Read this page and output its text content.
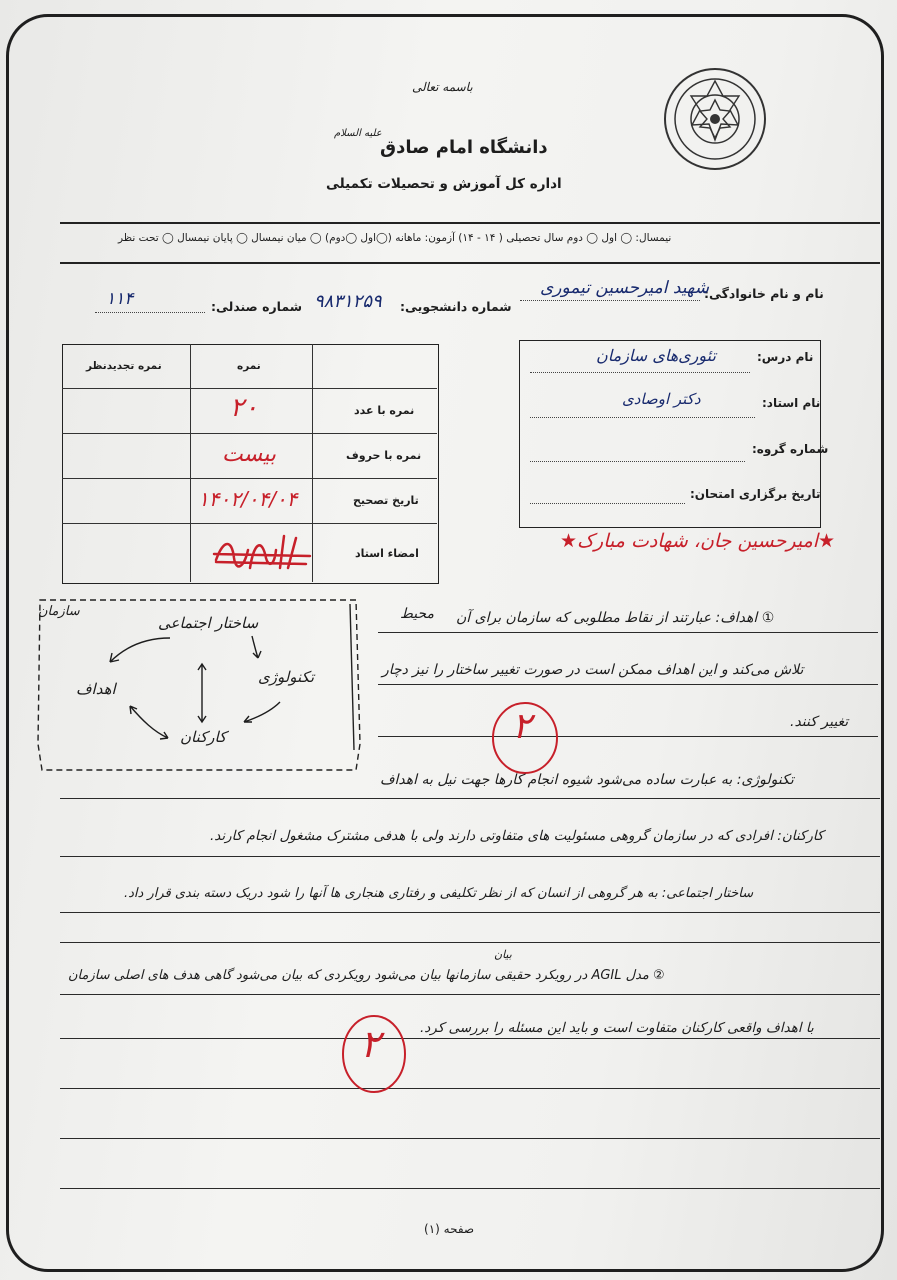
باسمه تعالی
دانشگاه امام صادق
علیه السلام
اداره کل آموزش و تحصیلات تکمیلی
نیمسال: ◯ اول ◯ دوم سال تحصیلی ( ۱۴ - ۱۴) آزمون: ماهانه (◯اول ◯دوم) ◯ میان نیمسال ◯ پایان نیمسال ◯ تحت نظر
نام و نام خانوادگی:
شهید امیرحسین تیموری
شماره دانشجویی:
۹۸۳۱۲۵۹
شماره صندلی:
۱۱۴
نام درس:
تئوری‌های سازمان
نام استاد:
دکتر اوصادی
شماره گروه:
تاریخ برگزاری امتحان:
نمره تجدیدنظر	نمره
نمره با عدد
نمره با حروف
تاریخ تصحیح
امضاء استاد
۲۰
بیست
۱۴۰۲/۰۴/۰۴
★امیرحسین جان، شهادت مبارک★
سازمان
ساختار اجتماعی
تکنولوژی
اهداف
کارکنان
محیط ① اهداف: عبارتند از نقاط مطلوبی که سازمان برای آن
تلاش می‌کند و این اهداف ممکن است در صورت تغییر ساختار را نیز دچار
تغییر کنند.
۲
تکنولوژی: به عبارت ساده می‌شود شیوه انجام کارها جهت نیل به اهداف
کارکنان: افرادی که در سازمان گروهی مسئولیت های متفاوتی دارند ولی با هدفی مشترک مشغول انجام کارند.
ساختار اجتماعی: به هر گروهی از انسان که از نظر تکلیفی و رفتاری هنجاری ها آنها را شود دریک دسته بندی قرار داد.
بیان
② مدل AGIL در رویکرد حقیقی سازمانها بیان می‌شود رویکردی که بیان می‌شود گاهی هدف های اصلی سازمان
با اهداف واقعی کارکنان متفاوت است و باید این مسئله را بررسی کرد.
۲
صفحه (۱)
